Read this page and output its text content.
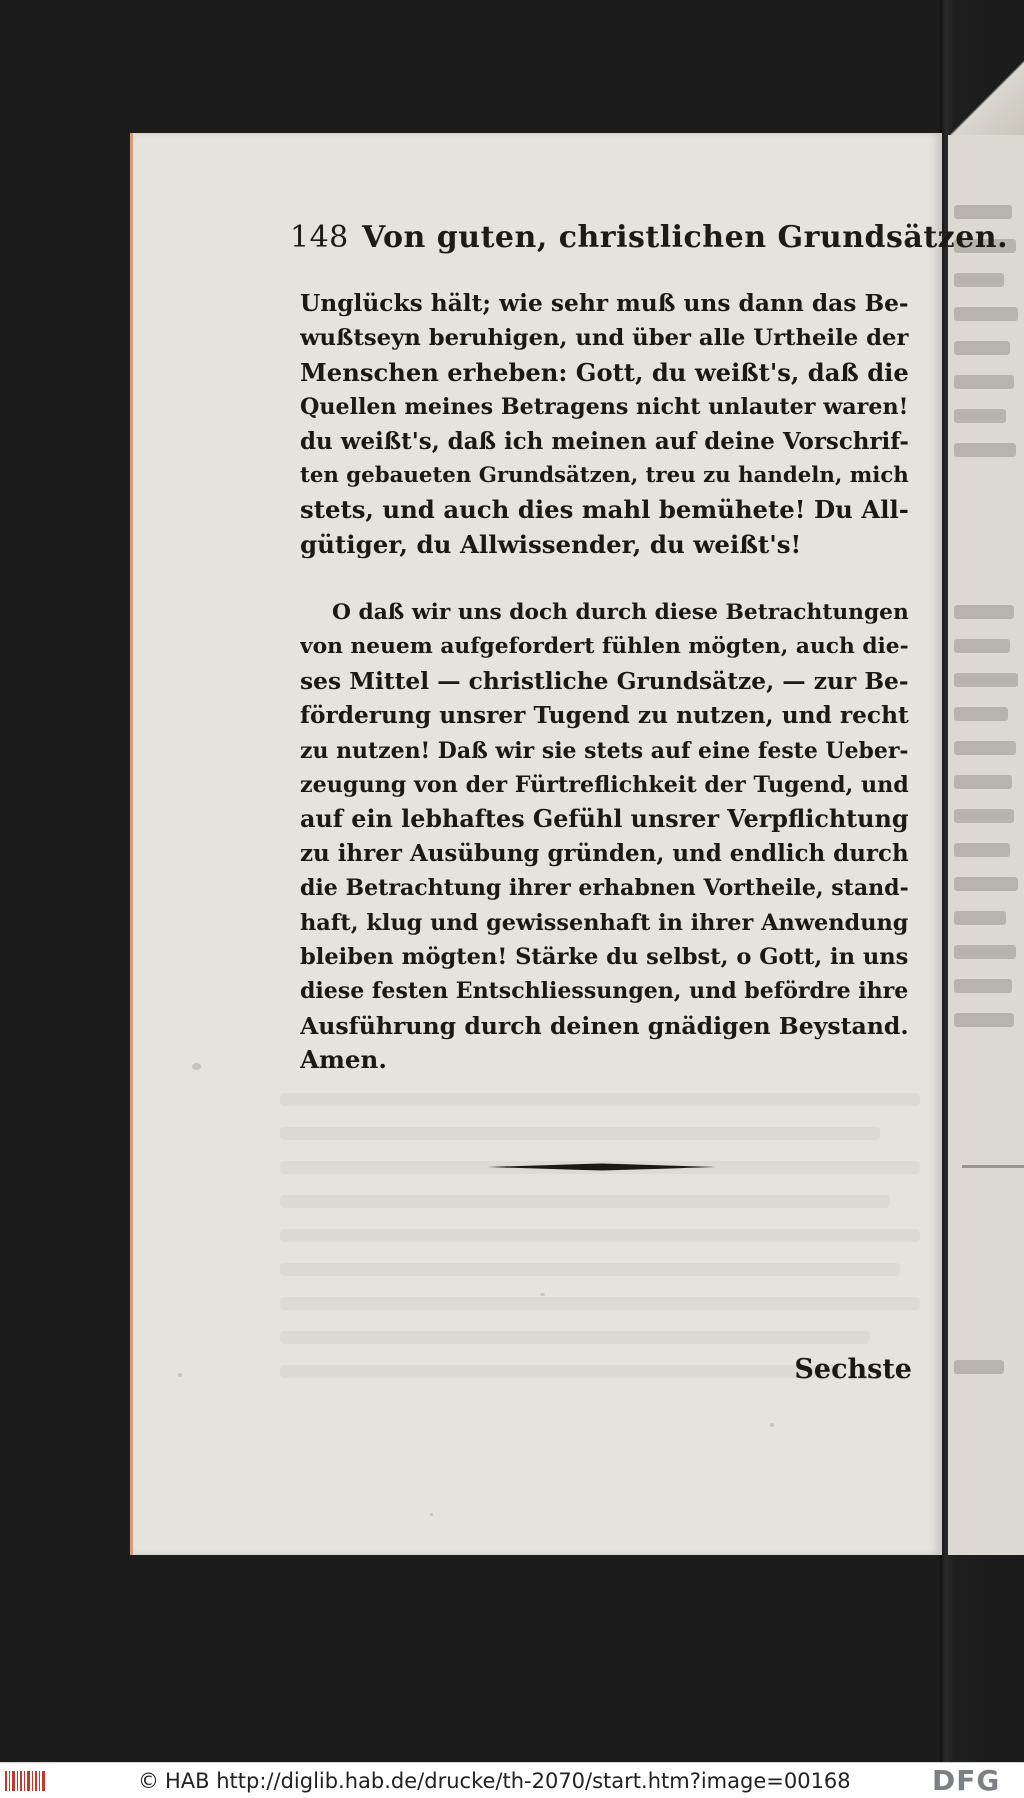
148 Von guten, christlichen Grundsätzen.
Unglücks hält; wie sehr muß uns dann das Be-
wußtseyn beruhigen, und über alle Urtheile der
Menschen erheben: Gott, du weißt's, daß die
Quellen meines Betragens nicht unlauter waren!
du weißt's, daß ich meinen auf deine Vorschrif-
ten gebaueten Grundsätzen, treu zu handeln, mich
stets, und auch dies mahl bemühete! Du All-
gütiger, du Allwissender, du weißt's!
O daß wir uns doch durch diese Betrachtungen
von neuem aufgefordert fühlen mögten, auch die-
ses Mittel — christliche Grundsätze, — zur Be-
förderung unsrer Tugend zu nutzen, und recht
zu nutzen! Daß wir sie stets auf eine feste Ueber-
zeugung von der Fürtreflichkeit der Tugend, und
auf ein lebhaftes Gefühl unsrer Verpflichtung
zu ihrer Ausübung gründen, und endlich durch
die Betrachtung ihrer erhabnen Vortheile, stand-
haft, klug und gewissenhaft in ihrer Anwendung
bleiben mögten! Stärke du selbst, o Gott, in uns
diese festen Entschliessungen, und befördre ihre
Ausführung durch deinen gnädigen Beystand.
Amen.
Sechste
© HAB http://diglib.hab.de/drucke/th-2070/start.htm?image=00168	DFG
